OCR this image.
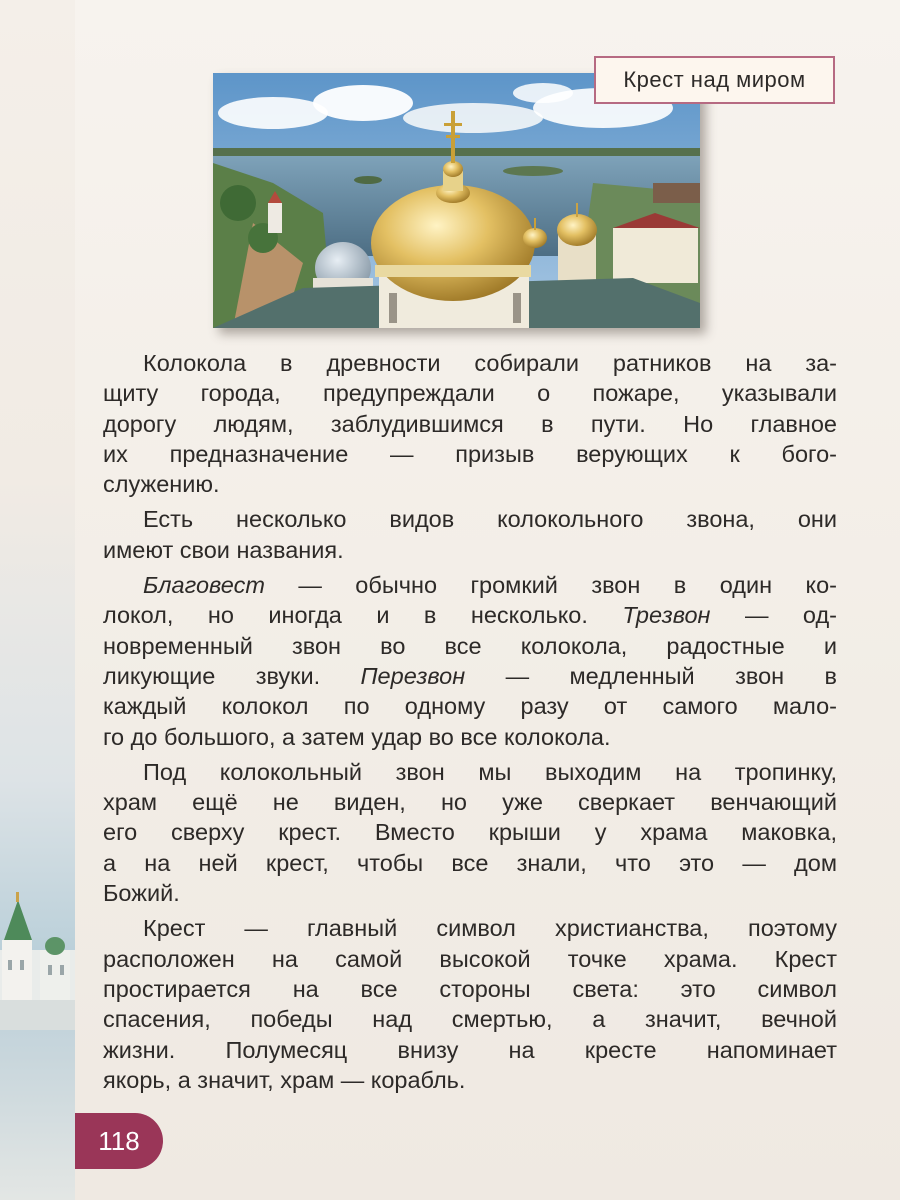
Крест над миром
Колокола в древности собирали ратников на за-
щиту города, предупреждали о пожаре, указывали
дорогу людям, заблудившимся в пути. Но главное
их предназначение — призыв верующих к бого-
служению.
Есть несколько видов колокольного звона, они
имеют свои названия.
Благовест — обычно громкий звон в один ко-
локол, но иногда и в несколько. Трезвон — од-
новременный звон во все колокола, радостные и
ликующие звуки. Перезвон — медленный звон в
каждый колокол по одному разу от самого мало-
го до большого, а затем удар во все колокола.
Под колокольный звон мы выходим на тропинку,
храм ещё не виден, но уже сверкает венчающий
его сверху крест. Вместо крыши у храма маковка,
а на ней крест, чтобы все знали, что это — дом
Божий.
Крест — главный символ христианства, поэтому
расположен на самой высокой точке храма. Крест
простирается на все стороны света: это символ
спасения, победы над смертью, а значит, вечной
жизни. Полумесяц внизу на кресте напоминает
якорь, а значит, храм — корабль.
118
